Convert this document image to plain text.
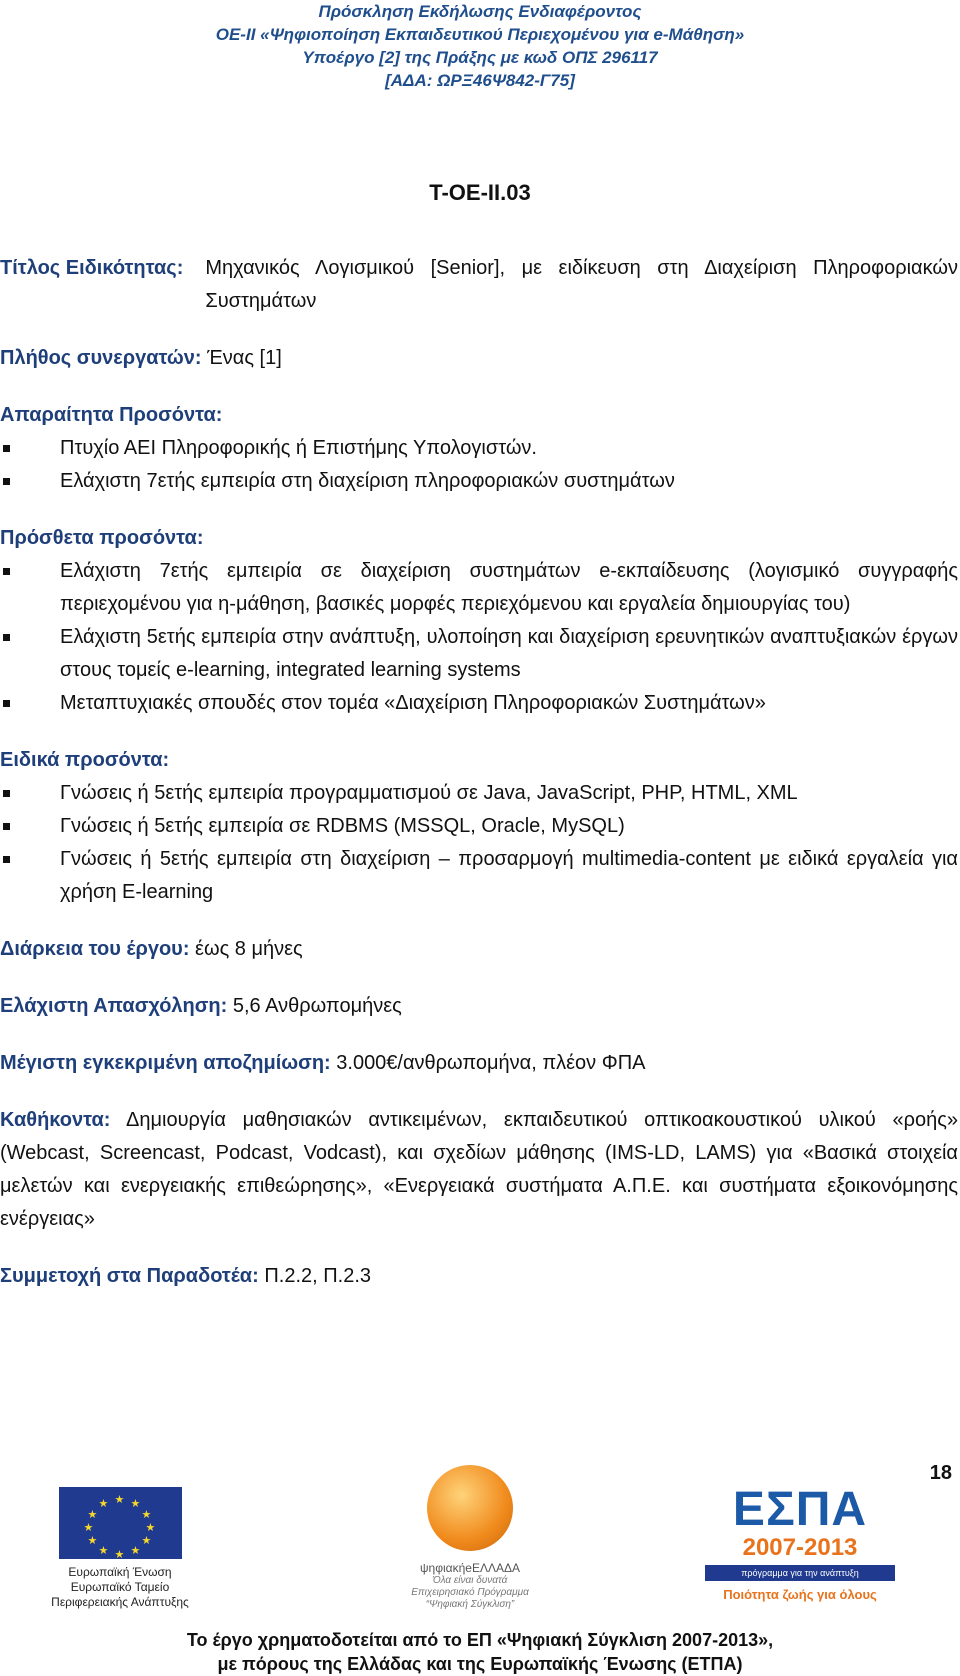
Πρόσκληση Εκδήλωσης Ενδιαφέροντος
ΟΕ-ΙΙ «Ψηφιοποίηση Εκπαιδευτικού Περιεχομένου για e-Μάθηση»
Υποέργο [2] της Πράξης με κωδ ΟΠΣ 296117
[ΑΔΑ: ΩΡΞ46Ψ842-Γ75]
T-OE-II.03
Τίτλος Ειδικότητας: Μηχανικός Λογισμικού [Senior], με ειδίκευση στη Διαχείριση Πληροφοριακών Συστημάτων
Πλήθος συνεργατών: Ένας [1]
Απαραίτητα Προσόντα:
Πτυχίο ΑΕΙ Πληροφορικής ή Επιστήμης Υπολογιστών.
Ελάχιστη 7ετής εμπειρία στη διαχείριση πληροφοριακών συστημάτων
Πρόσθετα προσόντα:
Ελάχιστη 7ετής εμπειρία σε διαχείριση συστημάτων e-εκπαίδευσης (λογισμικό συγγραφής περιεχομένου για η-μάθηση, βασικές μορφές περιεχόμενου και εργαλεία δημιουργίας του)
Ελάχιστη 5ετής εμπειρία στην ανάπτυξη, υλοποίηση και διαχείριση ερευνητικών αναπτυξιακών έργων στους τομείς e-learning, integrated learning systems
Μεταπτυχιακές σπουδές στον τομέα «Διαχείριση Πληροφοριακών Συστημάτων»
Ειδικά προσόντα:
Γνώσεις ή 5ετής εμπειρία προγραμματισμού σε Java, JavaScript, PHP, HTML, XML
Γνώσεις ή 5ετής εμπειρία σε RDBMS (MSSQL, Oracle, MySQL)
Γνώσεις ή 5ετής εμπειρία στη διαχείριση – προσαρμογή multimedia-content με ειδικά εργαλεία για χρήση E-learning
Διάρκεια του έργου: έως 8 μήνες
Ελάχιστη Απασχόληση: 5,6 Ανθρωπομήνες
Μέγιστη εγκεκριμένη αποζημίωση: 3.000€/ανθρωπομήνα, πλέον ΦΠΑ
Καθήκοντα: Δημιουργία μαθησιακών αντικειμένων, εκπαιδευτικού οπτικοακουστικού υλικού «ροής» (Webcast, Screencast, Podcast, Vodcast), και σχεδίων μάθησης (IMS-LD, LAMS) για «Βασικά στοιχεία μελετών και ενεργειακής επιθεώρησης», «Ενεργειακά συστήματα Α.Π.Ε. και συστήματα εξοικονόμησης ενέργειας»
Συμμετοχή στα Παραδοτέα: Π.2.2, Π.2.3
18
★ ★
★
★
★
★
★
★
★
★
★
★
Ευρωπαϊκή Ένωση
Ευρωπαϊκό Ταμείο
Περιφερειακής Ανάπτυξης
ψηφιακήeΕΛΛΑΔΑ
Όλα είναι δυνατά
Επιχειρησιακό Πρόγραμμα
“Ψηφιακή Σύγκλιση”
ΕΣΠΑ
2007-2013
πρόγραμμα για την ανάπτυξη
Ποιότητα ζωής για όλους
Το έργο χρηματοδοτείται από το ΕΠ «Ψηφιακή Σύγκλιση 2007-2013»,
με πόρους της Ελλάδας και της Ευρωπαϊκής Ένωσης (ΕΤΠΑ)
